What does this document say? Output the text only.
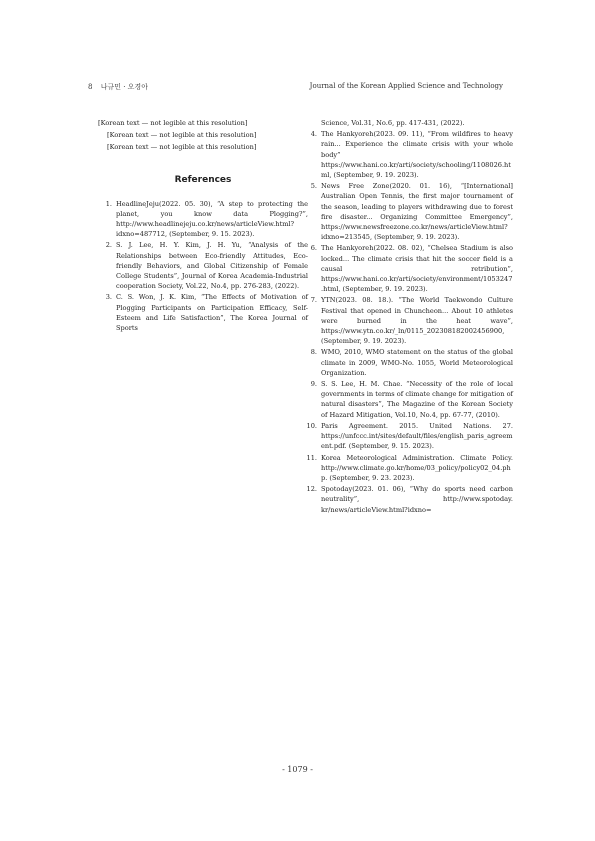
8 나규민 · 오경아	Journal of the Korean Applied Science and Technology

[Korean text — not legible at this resolution]

[Korean text — not legible at this resolution]

[Korean text — not legible at this resolution]

References
1. HeadlineJeju(2022. 05. 30), “A step to protecting the planet, you know data Plogging?”, http://www.headlinejeju.co.kr/news/articleView.html?idxno=487712, (September, 9. 15. 2023).
2. S. J. Lee, H. Y. Kim, J. H. Yu, “Analysis of the Relationships between Eco-friendly Attitudes, Eco-friendly Behaviors, and Global Citizenship of Female College Students”, Journal of Korea Academia-Industrial cooperation Society, Vol.22, No.4, pp. 276-283, (2022).
3. C. S. Won, J. K. Kim, “The Effects of Motivation of Plogging Participants on Participation Efficacy, Self-Esteem and Life Satisfaction”, The Korea Journal of Sports
Science, Vol.31, No.6, pp. 417-431, (2022).
4. The Hankyoreh(2023. 09. 11), “From wildfires to heavy rain... Experience the climate crisis with your whole body” https://www.hani.co.kr/arti/society/schooling/1108026.html, (September, 9. 19. 2023).
5. News Free Zone(2020. 01. 16), “[International] Australian Open Tennis, the first major tournament of the season, leading to players withdrawing due to forest fire disaster... Organizing Committee Emergency”, https://www.newsfreezone.co.kr/news/articleView.html?idxno=213545, (September, 9. 19. 2023).
6. The Hankyoreh(2022. 08. 02), “Chelsea Stadium is also locked... The climate crisis that hit the soccer field is a causal retribution”, https://www.hani.co.kr/arti/society/environment/1053247.html, (September, 9. 19. 2023).
7. YTN(2023. 08. 18.). “The World Taekwondo Culture Festival that opened in Chuncheon... About 10 athletes were burned in the heat wave”, https://www.ytn.co.kr/_ln/0115_202308182002456900, (September, 9. 19. 2023).
8. WMO, 2010, WMO statement on the status of the global climate in 2009, WMO-No. 1055, World Meteorological Organization.
9. S. S. Lee, H. M. Chae. “Necessity of the role of local governments in terms of climate change for mitigation of natural disasters”, The Magazine of the Korean Society of Hazard Mitigation, Vol.10, No.4, pp. 67-77, (2010).
10. Paris Agreement. 2015. United Nations. 27. https://unfccc.int/sites/default/files/english_paris_agreement.pdf. (September, 9. 15. 2023).
11. Korea Meteorological Administration. Climate Policy. http://www.climate.go.kr/home/03_policy/policy02_04.php. (September, 9. 23. 2023).
12. Spotoday(2023. 01. 06), “Why do sports need carbon neutrality”, http://www.spotoday. kr/news/articleView.html?idxno=
- 1079 -
